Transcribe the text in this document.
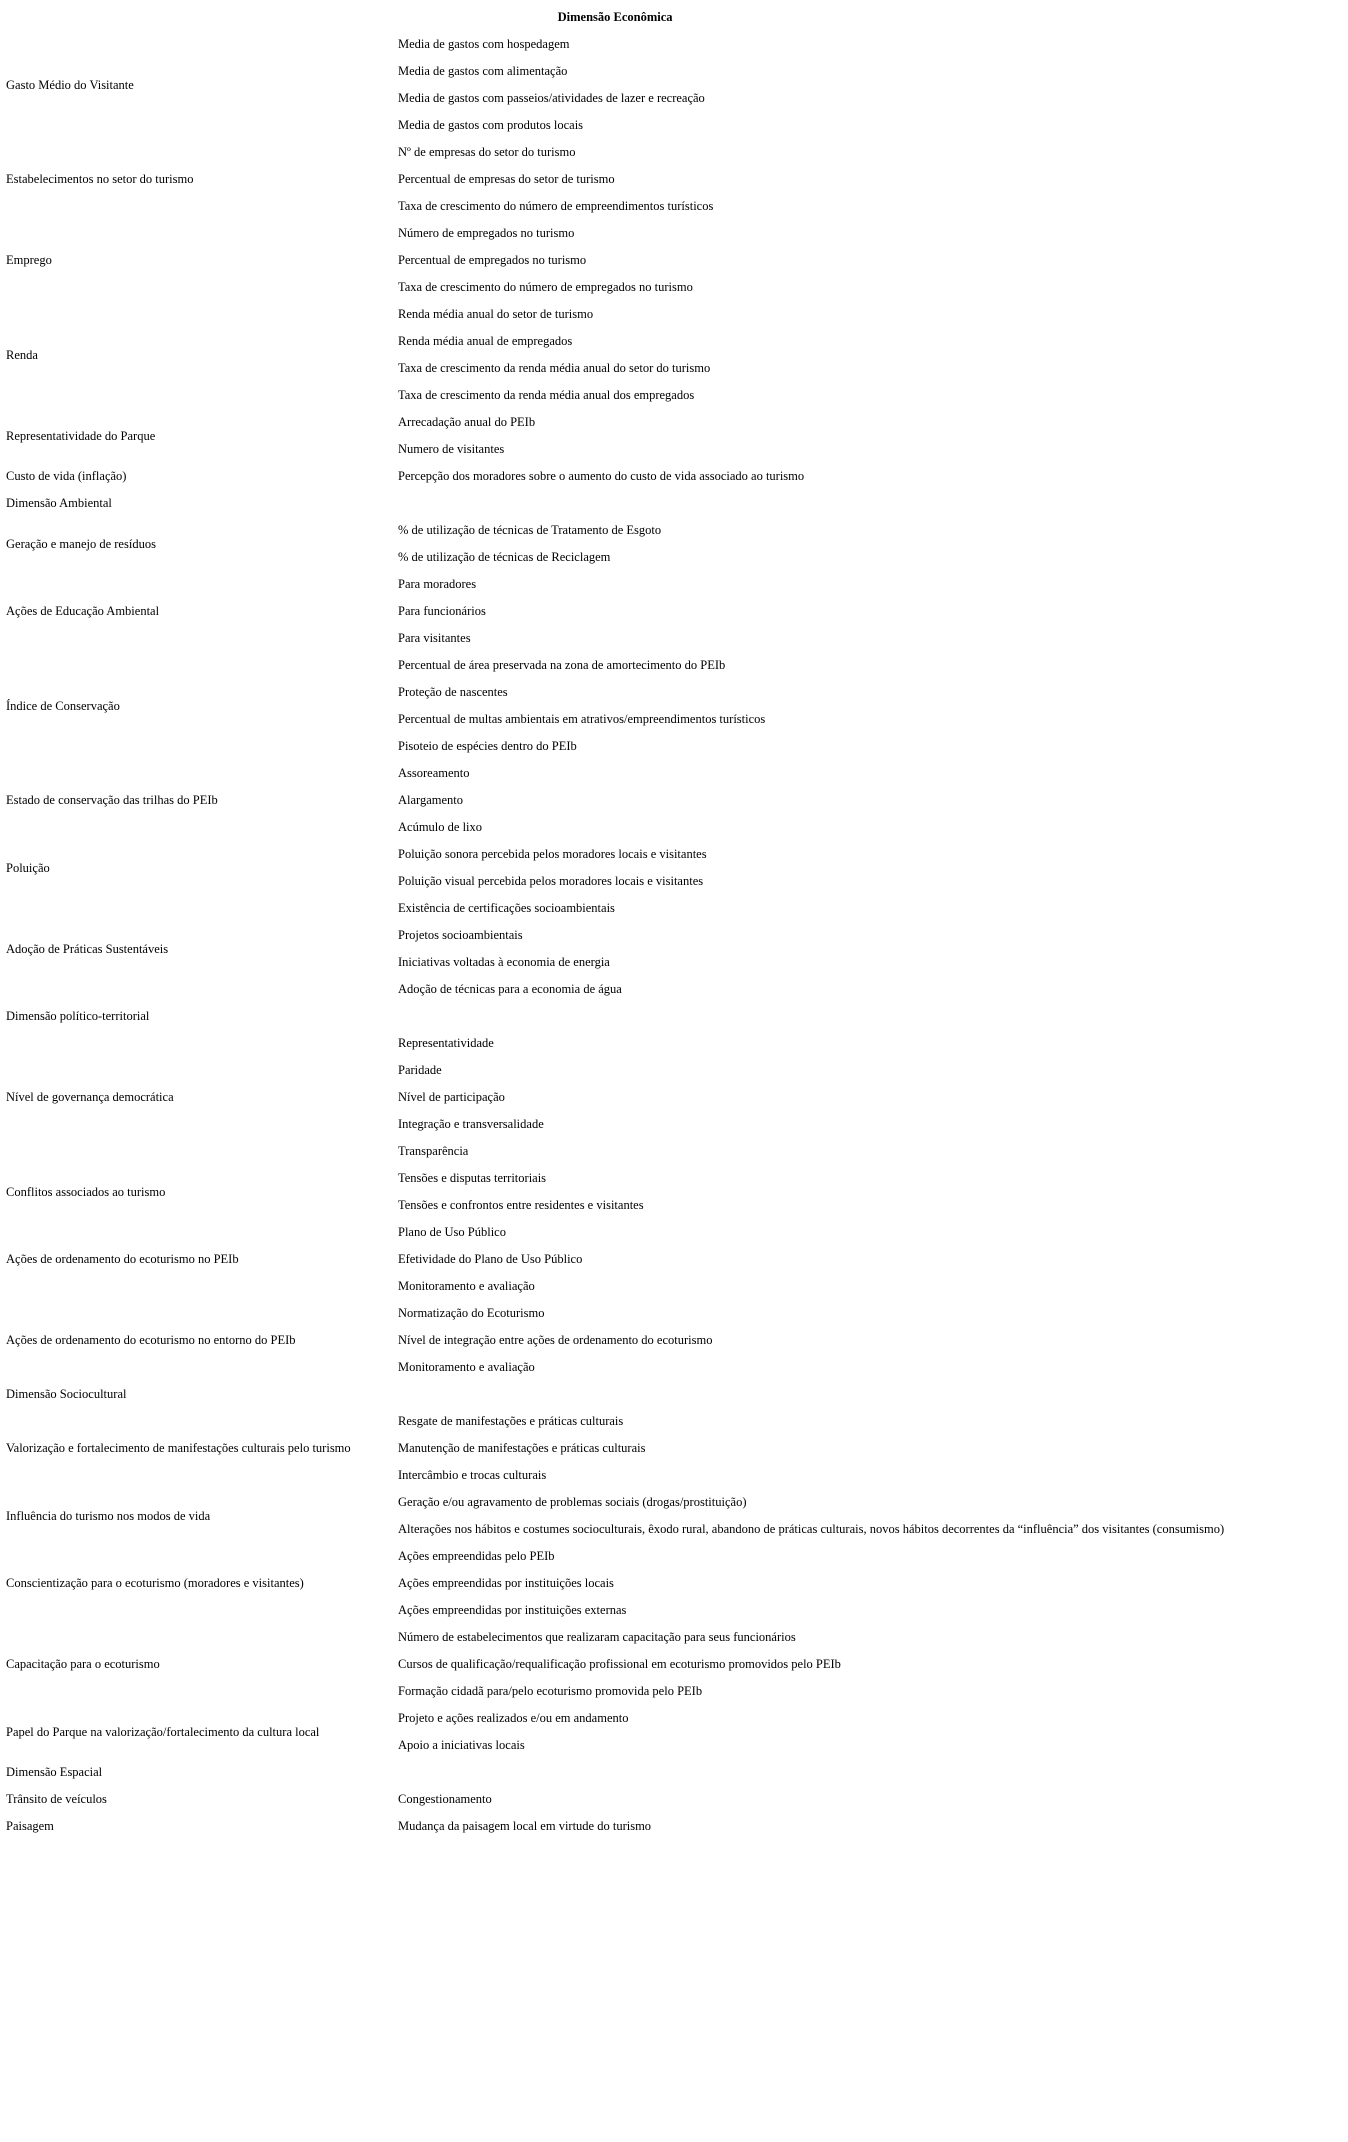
Dimensão Econômica	
Gasto Médio do Visitante	Media de gastos com hospedagem
	Media de gastos com alimentação
	Media de gastos com passeios/atividades de lazer e recreação
	Media de gastos com produtos locais
Estabelecimentos no setor do turismo	Nº de empresas do setor do turismo
	Percentual de empresas do setor de turismo
	Taxa de crescimento do número de empreendimentos turísticos
Emprego	Número de empregados no turismo
	Percentual de empregados no turismo
	Taxa de crescimento do número de empregados no turismo
Renda	Renda média anual do setor de turismo
	Renda média anual de empregados
	Taxa de crescimento da renda média anual do setor do turismo
	Taxa de crescimento da renda média anual dos empregados
Representatividade do Parque	Arrecadação anual do PEIb
	Numero de visitantes
Custo de vida (inflação)	Percepção dos moradores sobre o aumento do custo de vida associado ao turismo
Dimensão Ambiental	
Geração e manejo de resíduos	% de utilização de técnicas de Tratamento de Esgoto
	% de utilização de técnicas de Reciclagem
Ações de Educação Ambiental	Para moradores
	Para funcionários
	Para visitantes
Índice de Conservação	Percentual de área preservada na zona de amortecimento do PEIb
	Proteção de nascentes
	Percentual de multas ambientais em atrativos/empreendimentos turísticos
	Pisoteio de espécies dentro do PEIb
Estado de conservação das trilhas do PEIb	Assoreamento
	Alargamento
	Acúmulo de lixo
Poluição	Poluição sonora percebida pelos moradores locais e visitantes
	Poluição visual percebida pelos moradores locais e visitantes
Adoção de Práticas Sustentáveis	Existência de certificações socioambientais
	Projetos socioambientais
	Iniciativas voltadas à economia de energia
	Adoção de técnicas para a economia de água
Dimensão político-territorial	
Nível de governança democrática	Representatividade
	Paridade
	Nível de participação
	Integração e transversalidade
	Transparência
Conflitos associados ao turismo	Tensões e disputas territoriais
	Tensões e confrontos entre residentes e visitantes
Ações de ordenamento do ecoturismo no PEIb	Plano de Uso Público
	Efetividade do Plano de Uso Público
	Monitoramento e avaliação
Ações de ordenamento do ecoturismo no entorno do PEIb	Normatização do Ecoturismo
	Nível de integração entre ações de ordenamento do ecoturismo
	Monitoramento e avaliação
Dimensão Sociocultural	
Valorização e fortalecimento de manifestações culturais pelo turismo	Resgate de manifestações e práticas culturais
	Manutenção de manifestações e práticas culturais
	Intercâmbio e trocas culturais
Influência do turismo nos modos de vida	Geração e/ou agravamento de problemas sociais (drogas/prostituição)
	Alterações nos hábitos e costumes socioculturais, êxodo rural, abandono de práticas culturais, novos hábitos decorrentes da “influência” dos visitantes (consumismo)
Conscientização para o ecoturismo (moradores e visitantes)	Ações empreendidas pelo PEIb
	Ações empreendidas por instituições locais
	Ações empreendidas por instituições externas
Capacitação para o ecoturismo	Número de estabelecimentos que realizaram capacitação para seus funcionários
	Cursos de qualificação/requalificação profissional em ecoturismo promovidos pelo PEIb
	Formação cidadã para/pelo ecoturismo promovida pelo PEIb
Papel do Parque na valorização/fortalecimento da cultura local	Projeto e ações realizados e/ou em andamento
	Apoio a iniciativas locais
Dimensão Espacial	
Trânsito de veículos	Congestionamento
Paisagem	Mudança da paisagem local em virtude do turismo
